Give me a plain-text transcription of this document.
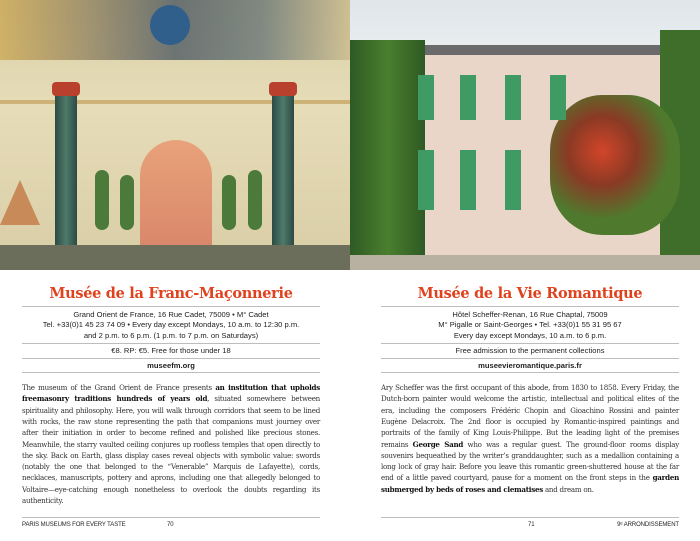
Musée de la Franc-Maçonnerie
Grand Orient de France, 16 Rue Cadet, 75009 • M° Cadet
Tel. +33(0)1 45 23 74 09 • Every day except Mondays, 10 a.m. to 12:30 p.m.
and 2 p.m. to 6 p.m. (1 p.m. to 7 p.m. on Saturdays)
€8. RP: €5. Free for those under 18
museefm.org

The museum of the Grand Orient de France presents an institution that upholds freemasonry traditions hundreds of years old, situated somewhere between spirituality and philosophy. Here, you will walk through corridors that seem to be lined with rocks, the raw stone representing the path that companions must journey over after their initiation in order to become refined and polished like precious stones. Meanwhile, the starry vaulted ceiling conjures up roofless temples that open directly to the sky. Back on Earth, glass display cases reveal objects with symbolic value: swords (notably the one that belonged to the “Venerable” Marquis de Lafayette), cords, necklaces, manuscripts, pottery and aprons, including one that allegedly belonged to Voltaire—eye-catching enough nonetheless to overlook the doubts regarding its authenticity.

Musée de la Vie Romantique
Hôtel Scheffer-Renan, 16 Rue Chaptal, 75009
M° Pigalle or Saint-Georges • Tel. +33(0)1 55 31 95 67
Every day except Mondays, 10 a.m. to 6 p.m.
Free admission to the permanent collections
museevieromantique.paris.fr

Ary Scheffer was the first occupant of this abode, from 1830 to 1858. Every Friday, the Dutch-born painter would welcome the artistic, intellectual and political elites of the era, including the composers Frédéric Chopin and Gioachino Rossini and painter Eugène Delacroix. The 2nd floor is occupied by Romantic-inspired paintings and portraits of the family of King Louis-Philippe. But the leading light of the premises remains George Sand who was a regular guest. The ground-floor rooms display souvenirs bequeathed by the writer’s granddaughter, such as a medallion containing a long lock of gray hair. Before you leave this romantic green-shuttered house at the far end of a little paved courtyard, pause for a moment on the front steps in the garden submerged by beds of roses and clematises and dream on.

PARIS MUSEUMS FOR EVERY TASTE	70	71	9ᵉ ARRONDISSEMENT
